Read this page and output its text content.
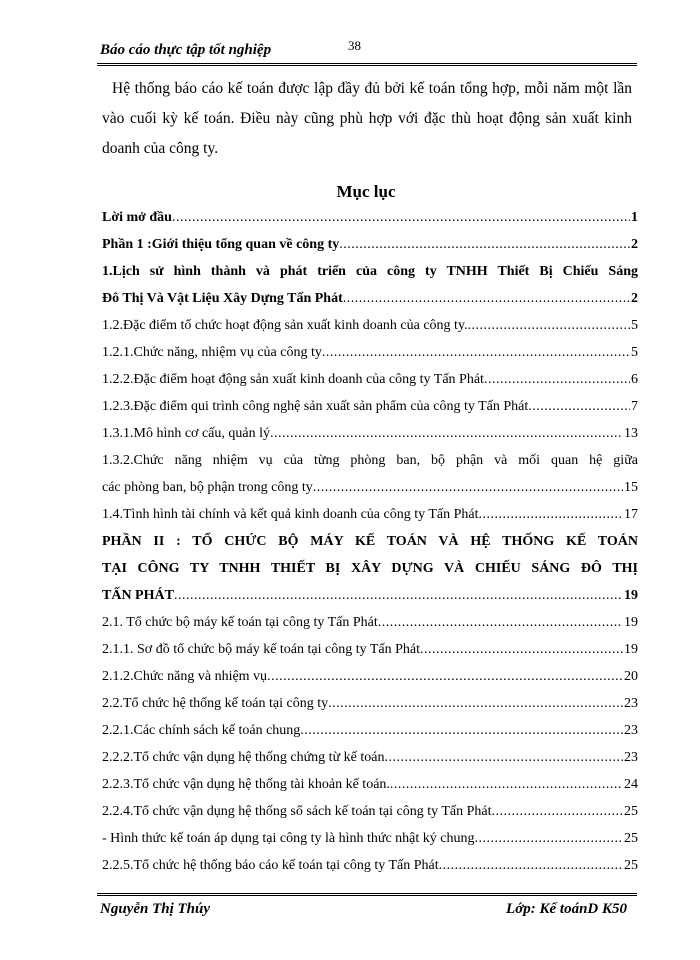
Báo cáo thực tập tốt nghiệp	38

Hệ thống báo cáo kế toán được lập đầy đủ bởi kế toán tổng hợp, mỗi năm một lần vào cuối kỳ kế toán. Điều này cũng phù hợp với đặc thù hoạt động sản xuất kinh doanh của công ty.

Mục lục
Lời mở đầu .....	1
Phần 1 :Giới thiệu tổng quan về công ty .....	2
1.Lịch sử hình thành và phát triển của công ty TNHH Thiết Bị Chiếu Sáng
Đô Thị Và Vật Liệu Xây Dựng Tấn Phát .....	2
1.2.Đặc điểm tổ chức hoạt động sản xuất kinh doanh của công ty. .....	5
1.2.1.Chức năng, nhiệm vụ của công ty .....	5
1.2.2.Đặc điểm hoạt động sản xuất kinh doanh của công ty Tấn Phát .....	6
1.2.3.Đặc điểm qui trình công nghệ sản xuất sản phẩm của công ty Tấn Phát .....	7
1.3.1.Mô hình cơ cấu, quản lý .....	13
1.3.2.Chức năng nhiệm vụ của từng phòng ban, bộ phận và mối quan hệ giữa
các phòng ban, bộ phận trong công ty .....	15
1.4.Tình hình tài chính và kết quả kinh doanh của công ty Tấn Phát .....	17
PHẦN II : TỔ CHỨC BỘ MÁY KẾ TOÁN VÀ HỆ THỐNG KẾ TOÁN
TẠI CÔNG TY TNHH THIẾT BỊ XÂY DỰNG VÀ CHIẾU SÁNG ĐÔ THỊ
TẤN PHÁT .....	19
2.1. Tổ chức bộ máy kế toán tại công ty Tấn Phát .....	19
2.1.1. Sơ đồ tổ chức bộ máy kế toán tại công ty Tấn Phát .....	19
2.1.2.Chức năng và nhiệm vụ .....	20
2.2.Tổ chức hệ thống kế toán tại công ty .....	23
2.2.1.Các chính sách kế toán chung .....	23
2.2.2.Tổ chức vận dụng hệ thống chứng từ kế toán .....	23
2.2.3.Tổ chức vận dụng hệ thống tài khoản kế toán. .....	24
2.2.4.Tổ chức vận dụng hệ thống sổ sách kế toán tại công ty Tấn Phát .....	25
- Hình thức kế toán áp dụng tại công ty là hình thức nhật ký chung .....	25
2.2.5.Tổ chức hệ thống báo cáo kế toán tại công ty Tấn Phát .....	25
Nguyễn Thị Thúy	Lớp: Kế toánD K50
